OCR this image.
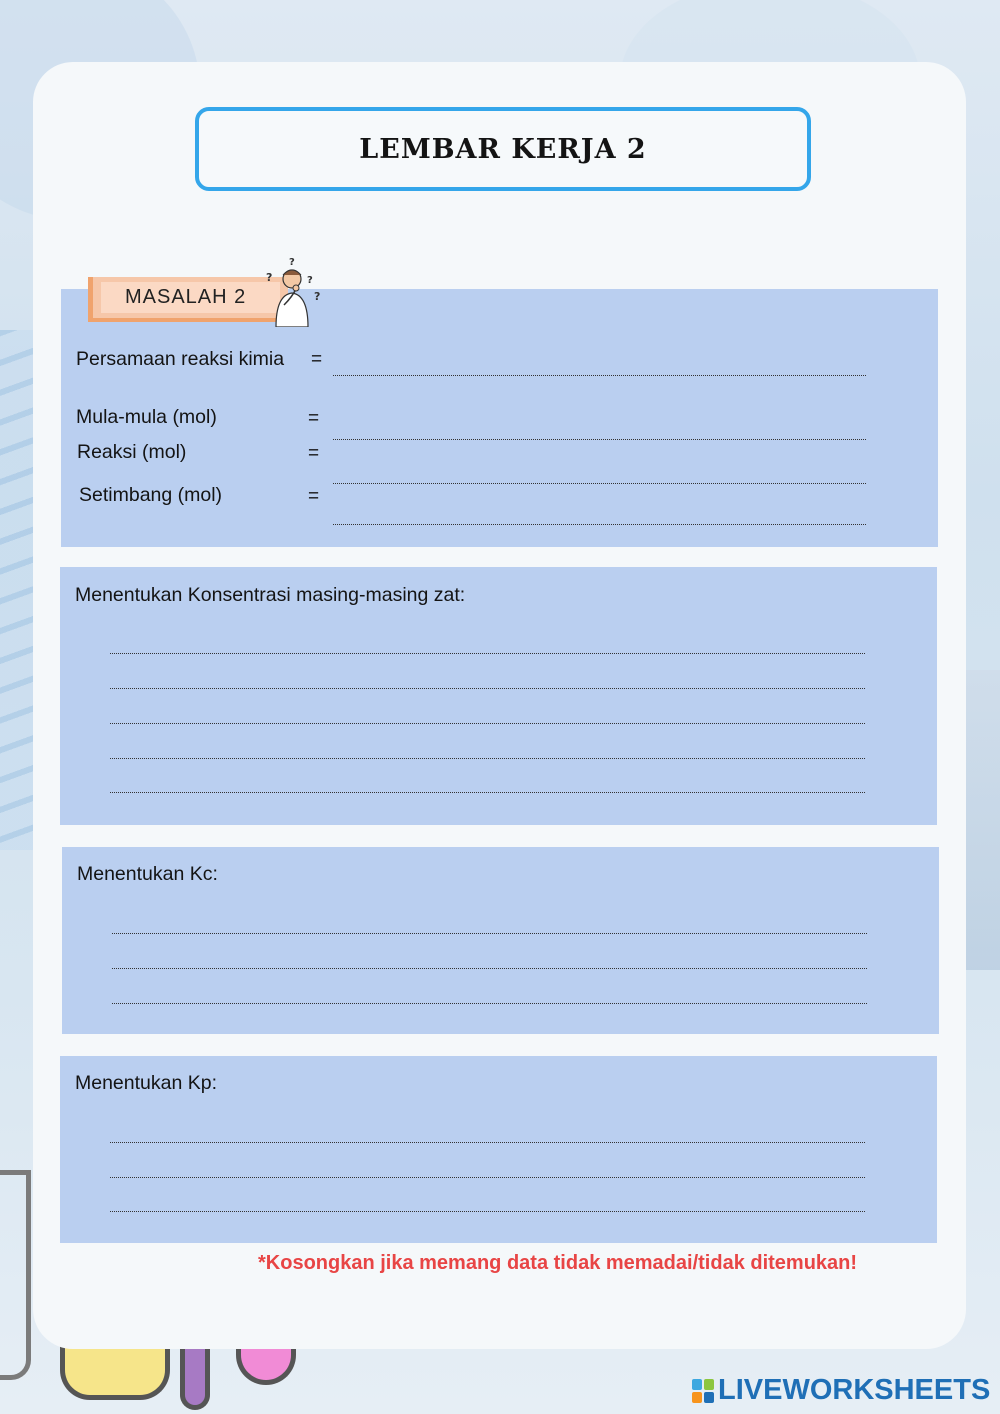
LEMBAR KERJA 2
MASALAH 2
?
?
?
?
Persamaan reaksi kimia =
Mula-mula (mol)	=
Reaksi (mol)	=
Setimbang (mol)	=
Menentukan Konsentrasi masing-masing zat:
Menentukan Kc:
Menentukan Kp:
*Kosongkan jika memang data tidak memadai/tidak ditemukan!
LIVEWORKSHEETS
